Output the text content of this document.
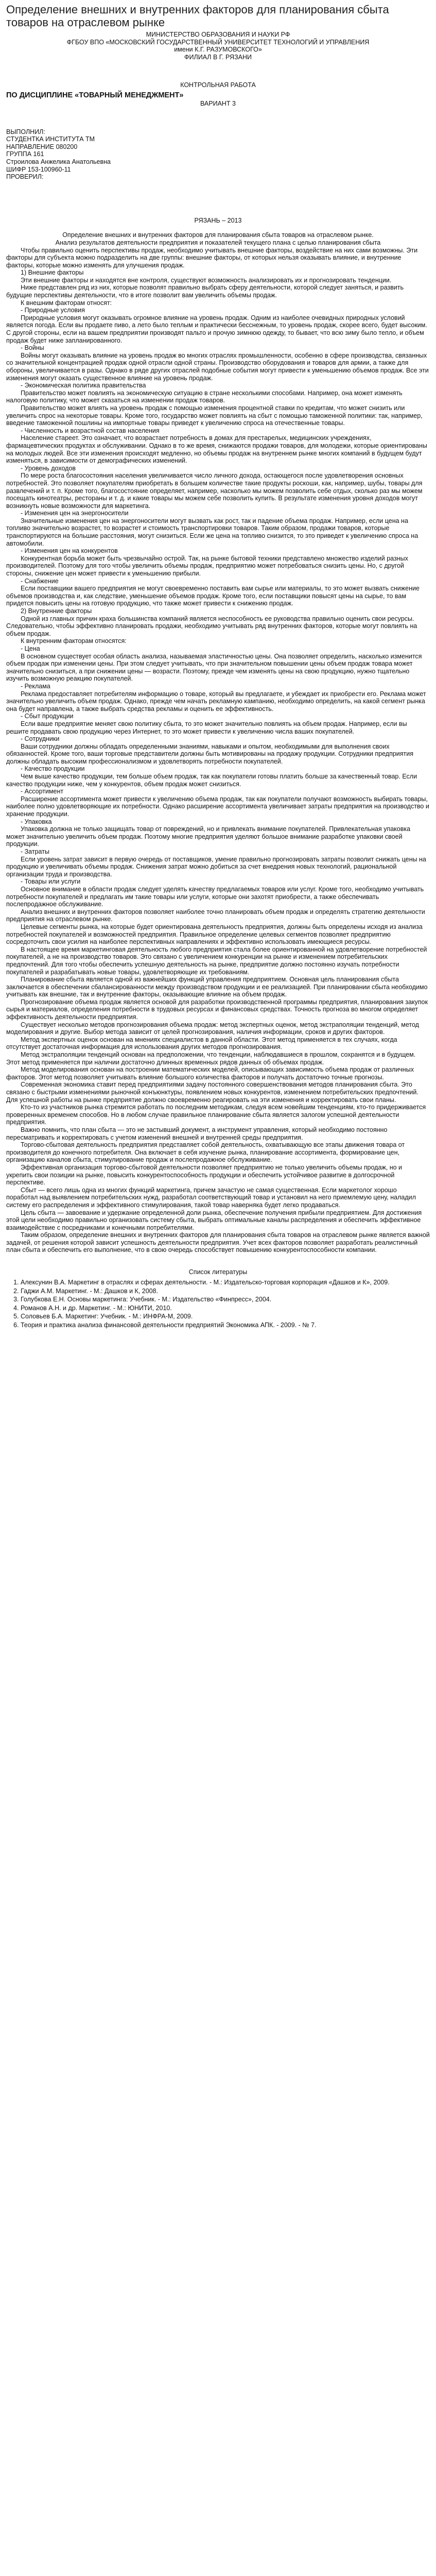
Определение внешних и внутренних факторов для планирования сбыта товаров на отраслевом рынке
МИНИСТЕРСТВО ОБРАЗОВАНИЯ И НАУКИ РФ
ФГБОУ ВПО «МОСКОВСКИЙ ГОСУДАРСТВЕННЫЙ УНИВЕРСИТЕТ ТЕХНОЛОГИЙ И УПРАВЛЕНИЯ
имени К.Г. РАЗУМОВСКОГО»
ФИЛИАЛ В Г. РЯЗАНИ
КОНТРОЛЬНАЯ РАБОТА
ПО ДИСЦИПЛИНЕ «ТОВАРНЫЙ МЕНЕДЖМЕНТ»
ВАРИАНТ 3
ВЫПОЛНИЛ:
СТУДЕНТКА ИНСТИТУТА ТМ
НАПРАВЛЕНИЕ 080200
ГРУППА 161
Строилова Анжелика Анатольевна
ШИФР 153-100960-11
ПРОВЕРИЛ:
РЯЗАНЬ – 2013

Определение внешних и внутренних факторов для планирования сбыта товаров на отраслевом рынке.

Анализ результатов деятельности предприятия и показателей текущего плана с целью планирования сбыта

Чтобы правильно оценить перспективы продаж, необходимо учитывать внешние факторы, воздействие на них сами возможны. Эти факторы для субъекта можно подразделить на две группы: внешние факторы, от которых нельзя оказывать влияние, и внутренние факторы, которые можно изменять для улучшения продаж.

1) Внешние факторы

Эти внешние факторы и находятся вне контроля, существуют возможность анализировать их и прогнозировать тенденции.

Ниже представлен ряд из них, которые позволят правильно выбрать сферу деятельности, которой следует заняться, и развить будущие перспективы деятельности, что в итоге позволит вам увеличить объемы продаж.

К внешним факторам относят:

- Природные условия

Природные условия могут оказывать огромное влияние на уровень продаж. Одним из наиболее очевидных природных условий является погода. Если вы продаете пиво, а лето было теплым и практически бесснежным, то уровень продаж, скорее всего, будет высоким. С другой стороны, если на вашем предприятии производят пальто и прочую зимнюю одежду, то бывает, что всю зиму было тепло, и объем продаж будет ниже запланированного.

- Войны

Войны могут оказывать влияние на уровень продаж во многих отраслях промышленности, особенно в сфере производства, связанных со значительной концентрацией продаж одной отрасли одной страны. Производство оборудования и товаров для армии, а также для обороны, увеличивается в разы. Однако в ряде других отраслей подобные события могут привести к уменьшению объемов продаж. Все эти изменения могут оказать существенное влияние на уровень продаж.

- Экономическая политика правительства

Правительство может повлиять на экономическую ситуацию в стране несколькими способами. Например, она может изменять налоговую политику, что может сказаться на изменении продаж товаров.

Правительство может влиять на уровень продаж с помощью изменения процентной ставки по кредитам, что может снизить или увеличить спрос на некоторые товары. Кроме того, государство может повлиять на сбыт с помощью таможенной политики: так, например, введение таможенной пошлины на импортные товары приведет к увеличению спроса на отечественные товары.

- Численность и возрастной состав населения

Население стареет. Это означает, что возрастает потребность в домах для престарелых, медицинских учреждениях, фармацевтических продуктах и обслуживании. Однако в то же время, снижаются продажи товаров, для молодежи, которые ориентированы на молодых людей. Все эти изменения происходят медленно, но объемы продаж на внутреннем рынке многих компаний в будущем будут изменяться, в зависимости от демографических изменений.

- Уровень доходов

По мере роста благосостояния населения увеличивается число личного дохода, остающегося после удовлетворения основных потребностей. Это позволяет покупателям приобретать в большем количестве такие продукты роскоши, как, например, шубы, товары для развлечений и т. п. Кроме того, благосостояние определяет, например, насколько мы можем позволить себе отдых, сколько раз мы можем посещать кинотеатры, рестораны и т. д. и какие товары мы можем себе позволить купить. В результате изменения уровня доходов могут возникнуть новые возможности для маркетинга.

- Изменения цен на энергоносители

Значительные изменения цен на энергоносители могут вызвать как рост, так и падение объема продаж. Например, если цена на топливо значительно возрастет, то возрастет и стоимость транспортировки товаров. Таким образом, продажи товаров, которые транспортируются на большие расстояния, могут снизиться. Если же цена на топливо снизится, то это приведет к увеличению спроса на автомобили.

- Изменения цен на конкурентов

Конкурентная борьба может быть чрезвычайно острой. Так, на рынке бытовой техники представлено множество изделий разных производителей. Поэтому для того чтобы увеличить объемы продаж, предприятию может потребоваться снизить цены. Но, с другой стороны, снижение цен может привести к уменьшению прибыли.

- Снабжение

Если поставщики вашего предприятия не могут своевременно поставить вам сырье или материалы, то это может вызвать снижение объемов производства и, как следствие, уменьшение объемов продаж. Кроме того, если поставщики повысят цены на сырье, то вам придется повысить цены на готовую продукцию, что также может привести к снижению продаж.

2) Внутренние факторы

Одной из главных причин краха большинства компаний является неспособность ее руководства правильно оценить свои ресурсы. Следовательно, чтобы эффективно планировать продажи, необходимо учитывать ряд внутренних факторов, которые могут повлиять на объем продаж.

К внутренним факторам относятся:

- Цена

В основном существует особая область анализа, называемая эластичностью цены. Она позволяет определить, насколько изменится объем продаж при изменении цены. При этом следует учитывать, что при значительном повышении цены объем продаж товара может значительно снизиться, а при снижении цены — возрасти. Поэтому, прежде чем изменять цены на свою продукцию, нужно тщательно изучить возможную реакцию покупателей.

- Реклама

Реклама предоставляет потребителям информацию о товаре, который вы предлагаете, и убеждает их приобрести его. Реклама может значительно увеличить объем продаж. Однако, прежде чем начать рекламную кампанию, необходимо определить, на какой сегмент рынка она будет направлена, а также выбрать средства рекламы и оценить ее эффективность.

- Сбыт продукции

Если ваше предприятие меняет свою политику сбыта, то это может значительно повлиять на объем продаж. Например, если вы решите продавать свою продукцию через Интернет, то это может привести к увеличению числа ваших покупателей.

- Сотрудники

Ваши сотрудники должны обладать определенными знаниями, навыками и опытом, необходимыми для выполнения своих обязанностей. Кроме того, ваши торговые представители должны быть мотивированы на продажу продукции. Сотрудники предприятия должны обладать высоким профессионализмом и удовлетворять потребности покупателей.

- Качество продукции

Чем выше качество продукции, тем больше объем продаж, так как покупатели готовы платить больше за качественный товар. Если качество продукции ниже, чем у конкурентов, объем продаж может снизиться.

- Ассортимент

Расширение ассортимента может привести к увеличению объема продаж, так как покупатели получают возможность выбирать товары, наиболее полно удовлетворяющие их потребности. Однако расширение ассортимента увеличивает затраты предприятия на производство и хранение продукции.

- Упаковка

Упаковка должна не только защищать товар от повреждений, но и привлекать внимание покупателей. Привлекательная упаковка может значительно увеличить объем продаж. Поэтому многие предприятия уделяют большое внимание разработке упаковки своей продукции.

- Затраты

Если уровень затрат зависит в первую очередь от поставщиков, умение правильно прогнозировать затраты позволит снижать цены на продукцию и увеличивать объемы продаж. Снижения затрат можно добиться за счет внедрения новых технологий, рациональной организации труда и производства.

- Товары или услуги

Основное внимание в области продаж следует уделять качеству предлагаемых товаров или услуг. Кроме того, необходимо учитывать потребности покупателей и предлагать им такие товары или услуги, которые они захотят приобрести, а также обеспечивать послепродажное обслуживание.

Анализ внешних и внутренних факторов позволяет наиболее точно планировать объем продаж и определять стратегию деятельности предприятия на отраслевом рынке.

Целевые сегменты рынка, на которые будет ориентирована деятельность предприятия, должны быть определены исходя из анализа потребностей покупателей и возможностей предприятия. Правильное определение целевых сегментов позволяет предприятию сосредоточить свои усилия на наиболее перспективных направлениях и эффективно использовать имеющиеся ресурсы.

В настоящее время маркетинговая деятельность любого предприятия стала более ориентированной на удовлетворение потребностей покупателей, а не на производство товаров. Это связано с увеличением конкуренции на рынке и изменением потребительских предпочтений. Для того чтобы обеспечить успешную деятельность на рынке, предприятие должно постоянно изучать потребности покупателей и разрабатывать новые товары, удовлетворяющие их требованиям.

Планирование сбыта является одной из важнейших функций управления предприятием. Основная цель планирования сбыта заключается в обеспечении сбалансированности между производством продукции и ее реализацией. При планировании сбыта необходимо учитывать как внешние, так и внутренние факторы, оказывающие влияние на объем продаж.

Прогнозирование объема продаж является основой для разработки производственной программы предприятия, планирования закупок сырья и материалов, определения потребности в трудовых ресурсах и финансовых средствах. Точность прогноза во многом определяет эффективность деятельности предприятия.

Существует несколько методов прогнозирования объема продаж: метод экспертных оценок, метод экстраполяции тенденций, метод моделирования и другие. Выбор метода зависит от целей прогнозирования, наличия информации, сроков и других факторов.

Метод экспертных оценок основан на мнениях специалистов в данной области. Этот метод применяется в тех случаях, когда отсутствует достаточная информация для использования других методов прогнозирования.

Метод экстраполяции тенденций основан на предположении, что тенденции, наблюдавшиеся в прошлом, сохранятся и в будущем. Этот метод применяется при наличии достаточно длинных временных рядов данных об объемах продаж.

Метод моделирования основан на построении математических моделей, описывающих зависимость объема продаж от различных факторов. Этот метод позволяет учитывать влияние большого количества факторов и получать достаточно точные прогнозы.

Современная экономика ставит перед предприятиями задачу постоянного совершенствования методов планирования сбыта. Это связано с быстрыми изменениями рыночной конъюнктуры, появлением новых конкурентов, изменением потребительских предпочтений. Для успешной работы на рынке предприятие должно своевременно реагировать на эти изменения и корректировать свои планы.

Кто-то из участников рынка стремится работать по последним методикам, следуя всем новейшим тенденциям, кто-то придерживается проверенных временем способов. Но в любом случае правильное планирование сбыта является залогом успешной деятельности предприятия.

Важно помнить, что план сбыта — это не застывший документ, а инструмент управления, который необходимо постоянно пересматривать и корректировать с учетом изменений внешней и внутренней среды предприятия.

Торгово-сбытовая деятельность предприятия представляет собой деятельность, охватывающую все этапы движения товара от производителя до конечного потребителя. Она включает в себя изучение рынка, планирование ассортимента, формирование цен, организацию каналов сбыта, стимулирование продаж и послепродажное обслуживание.

Эффективная организация торгово-сбытовой деятельности позволяет предприятию не только увеличить объемы продаж, но и укрепить свои позиции на рынке, повысить конкурентоспособность продукции и обеспечить устойчивое развитие в долгосрочной перспективе.

Сбыт — всего лишь одна из многих функций маркетинга, причем зачастую не самая существенная. Если маркетолог хорошо поработал над выявлением потребительских нужд, разработал соответствующий товар и установил на него приемлемую цену, наладил систему его распределения и эффективного стимулирования, такой товар наверняка будет легко продаваться.

Цель сбыта — завоевание и удержание определенной доли рынка, обеспечение получения прибыли предприятием. Для достижения этой цели необходимо правильно организовать систему сбыта, выбрать оптимальные каналы распределения и обеспечить эффективное взаимодействие с посредниками и конечными потребителями.

Таким образом, определение внешних и внутренних факторов для планирования сбыта товаров на отраслевом рынке является важной задачей, от решения которой зависит успешность деятельности предприятия. Учет всех факторов позволяет разработать реалистичный план сбыта и обеспечить его выполнение, что в свою очередь способствует повышению конкурентоспособности компании.

Список литературы
1. Алексунин В.А. Маркетинг в отраслях и сферах деятельности. - М.: Издательско-торговая корпорация «Дашков и К», 2009.
2. Гаджи А.М. Маркетинг. - М.: Дашков и К, 2008.
3. Голубкова Е.Н. Основы маркетинга: Учебник. - М.: Издательство «Финпресс», 2004.
4. Романов А.Н. и др. Маркетинг. - М.: ЮНИТИ, 2010.
5. Соловьев Б.А. Маркетинг: Учебник. - М.: ИНФРА-М, 2009.
6. Теория и практика анализа финансовой деятельности предприятий Экономика АПК. - 2009. - № 7.
